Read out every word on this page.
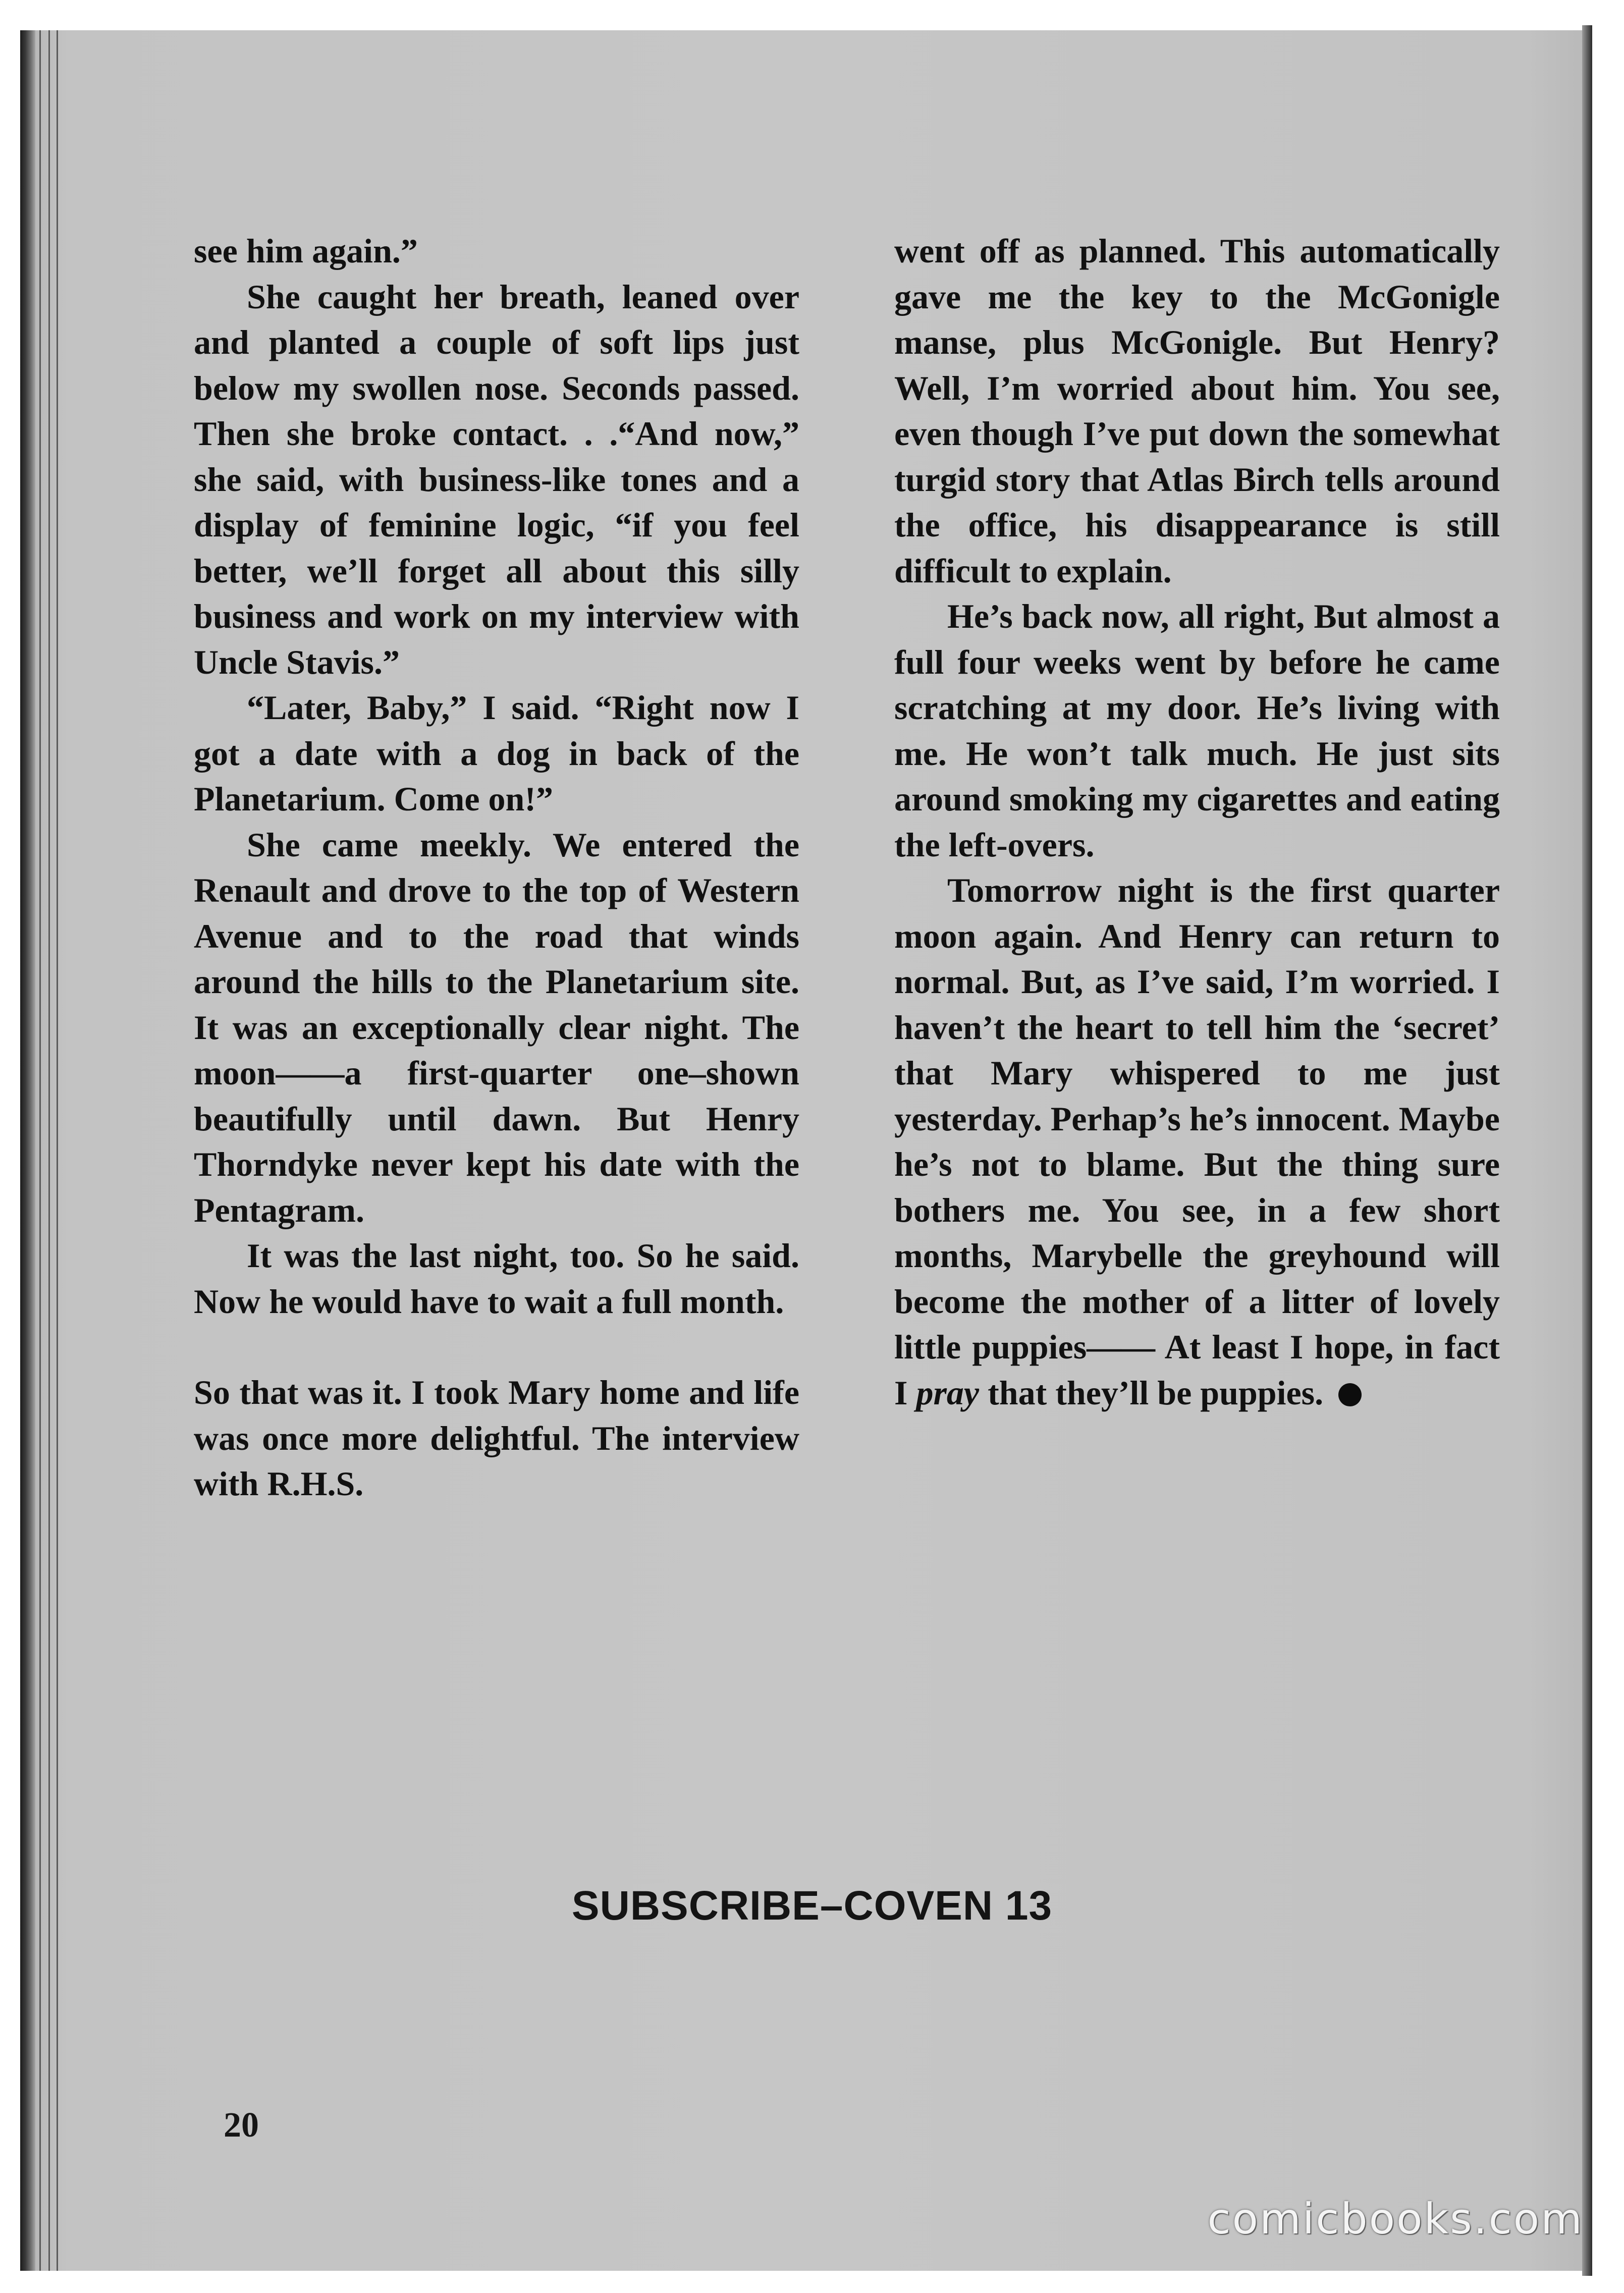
see him again.”

She caught her breath, leaned over and planted a couple of soft lips just below my swollen nose. Seconds passed. Then she broke contact. . .“And now,” she said, with business-like tones and a display of feminine logic, “if you feel better, we’ll forget all about this silly business and work on my interview with Uncle Stavis.”

“Later, Baby,” I said. “Right now I got a date with a dog in back of the Planetarium. Come on!”

She came meekly. We entered the Renault and drove to the top of Western Avenue and to the road that winds around the hills to the Planetarium site. It was an exceptionally clear night. The moon——a first-quarter one–shown beautifully until dawn. But Henry Thorndyke never kept his date with the Pentagram.

It was the last night, too. So he said. Now he would have to wait a full month.

So that was it. I took Mary home and life was once more delightful. The interview with R.H.S.

went off as planned. This automatically gave me the key to the McGonigle manse, plus McGonigle. But Henry? Well, I’m worried about him. You see, even though I’ve put down the somewhat turgid story that Atlas Birch tells around the office, his disappearance is still difficult to explain.

He’s back now, all right, But almost a full four weeks went by before he came scratching at my door. He’s living with me. He won’t talk much. He just sits around smoking my cigarettes and eating the left-overs.

Tomorrow night is the first quarter moon again. And Henry can return to normal. But, as I’ve said, I’m worried. I haven’t the heart to tell him the ‘secret’ that Mary whispered to me just yesterday. Perhap’s he’s innocent. Maybe he’s not to blame. But the thing sure bothers me. You see, in a few short months, Marybelle the greyhound will become the mother of a litter of lovely little puppies—— At least I hope, in fact I pray that they’ll be puppies.

SUBSCRIBE–COVEN 13
20
comicbooks.com
